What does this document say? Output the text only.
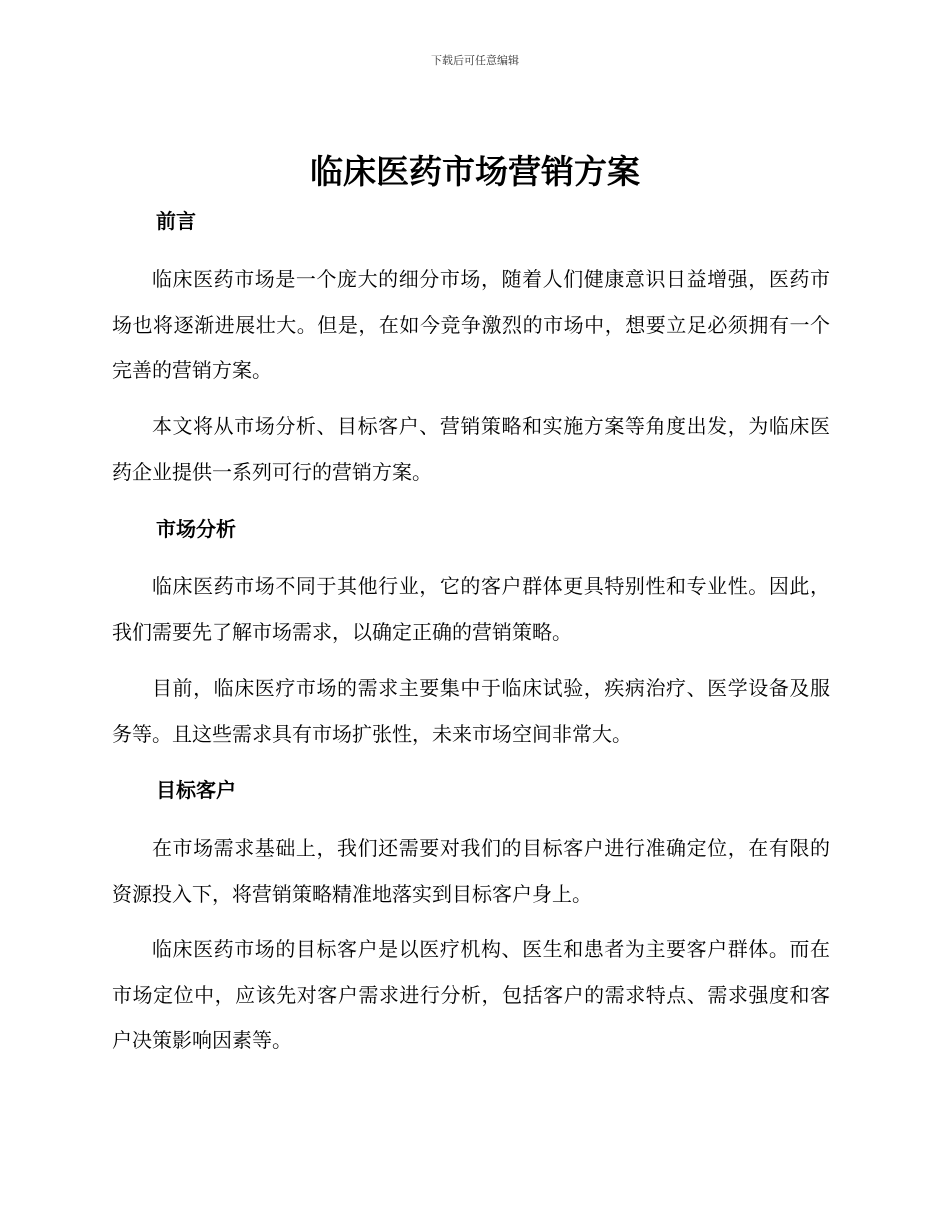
下载后可任意编辑
临床医药市场营销方案
前言

临床医药市场是一个庞大的细分市场，随着人们健康意识日益增强，医药市场也将逐渐进展壮大。但是，在如今竞争激烈的市场中，想要立足必须拥有一个完善的营销方案。

本文将从市场分析、目标客户、营销策略和实施方案等角度出发，为临床医药企业提供一系列可行的营销方案。

市场分析

临床医药市场不同于其他行业，它的客户群体更具特别性和专业性。因此，我们需要先了解市场需求，以确定正确的营销策略。

目前，临床医疗市场的需求主要集中于临床试验，疾病治疗、医学设备及服务等。且这些需求具有市场扩张性，未来市场空间非常大。

目标客户

在市场需求基础上，我们还需要对我们的目标客户进行准确定位，在有限的资源投入下，将营销策略精准地落实到目标客户身上。

临床医药市场的目标客户是以医疗机构、医生和患者为主要客户群体。而在市场定位中，应该先对客户需求进行分析，包括客户的需求特点、需求强度和客户决策影响因素等。
